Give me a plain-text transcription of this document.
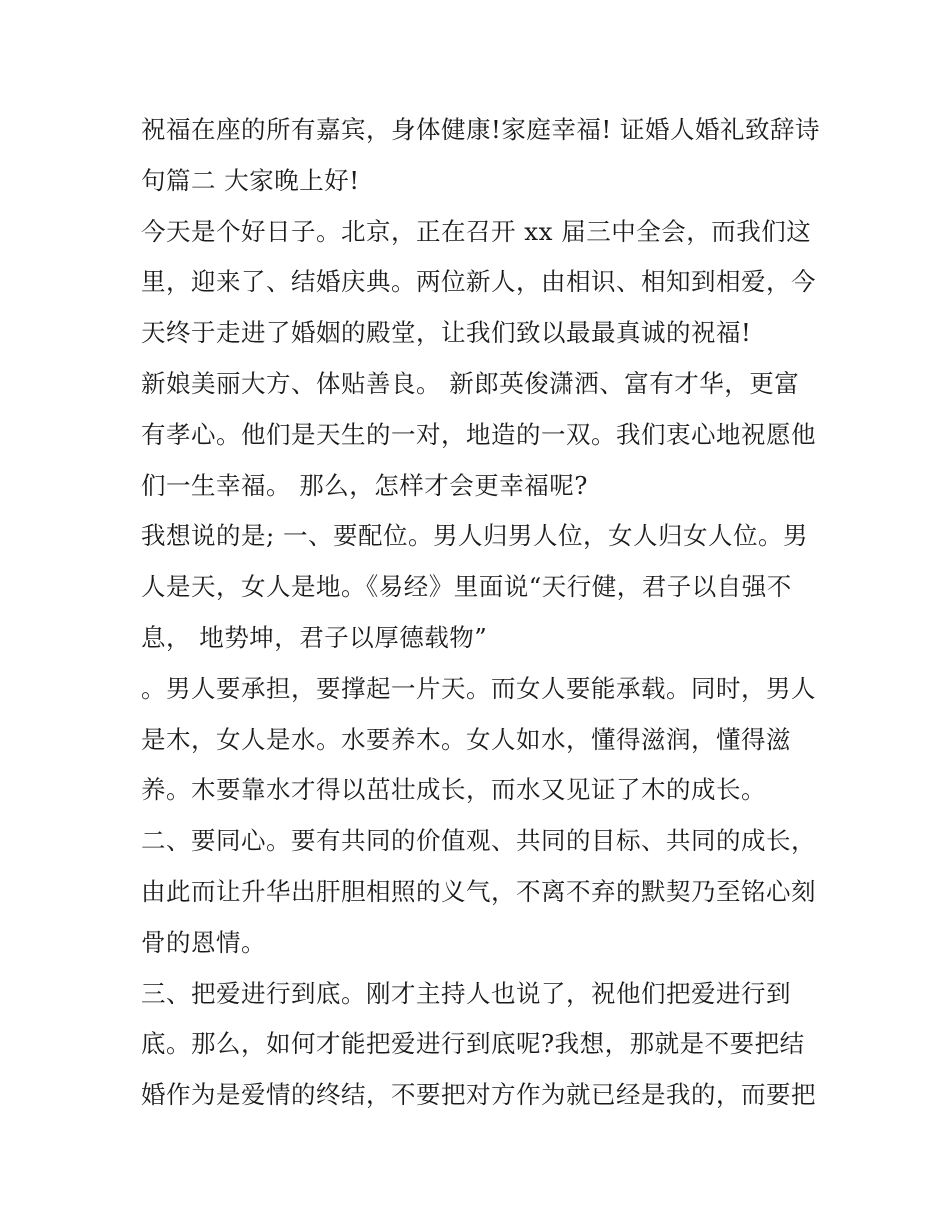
祝福在座的所有嘉宾，身体健康!家庭幸福! 证婚人婚礼致辞诗
句篇二 大家晚上好!
今天是个好日子。北京，正在召开 xx 届三中全会，而我们这
里，迎来了、结婚庆典。两位新人，由相识、相知到相爱，今
天终于走进了婚姻的殿堂，让我们致以最最真诚的祝福!
新娘美丽大方、体贴善良。 新郎英俊潇洒、富有才华，更富
有孝心。他们是天生的一对，地造的一双。我们衷心地祝愿他
们一生幸福。 那么，怎样才会更幸福呢?
我想说的是; 一、要配位。男人归男人位，女人归女人位。男
人是天，女人是地。《易经》里面说“天行健，君子以自强不
息， 地势坤，君子以厚德载物”
。男人要承担，要撑起一片天。而女人要能承载。同时，男人
是木，女人是水。水要养木。女人如水，懂得滋润，懂得滋
养。木要靠水才得以茁壮成长，而水又见证了木的成长。
二、要同心。要有共同的价值观、共同的目标、共同的成长，
由此而让升华出肝胆相照的义气，不离不弃的默契乃至铭心刻
骨的恩情。
三、把爱进行到底。刚才主持人也说了，祝他们把爱进行到
底。那么，如何才能把爱进行到底呢?我想，那就是不要把结
婚作为是爱情的终结，不要把对方作为就已经是我的，而要把
